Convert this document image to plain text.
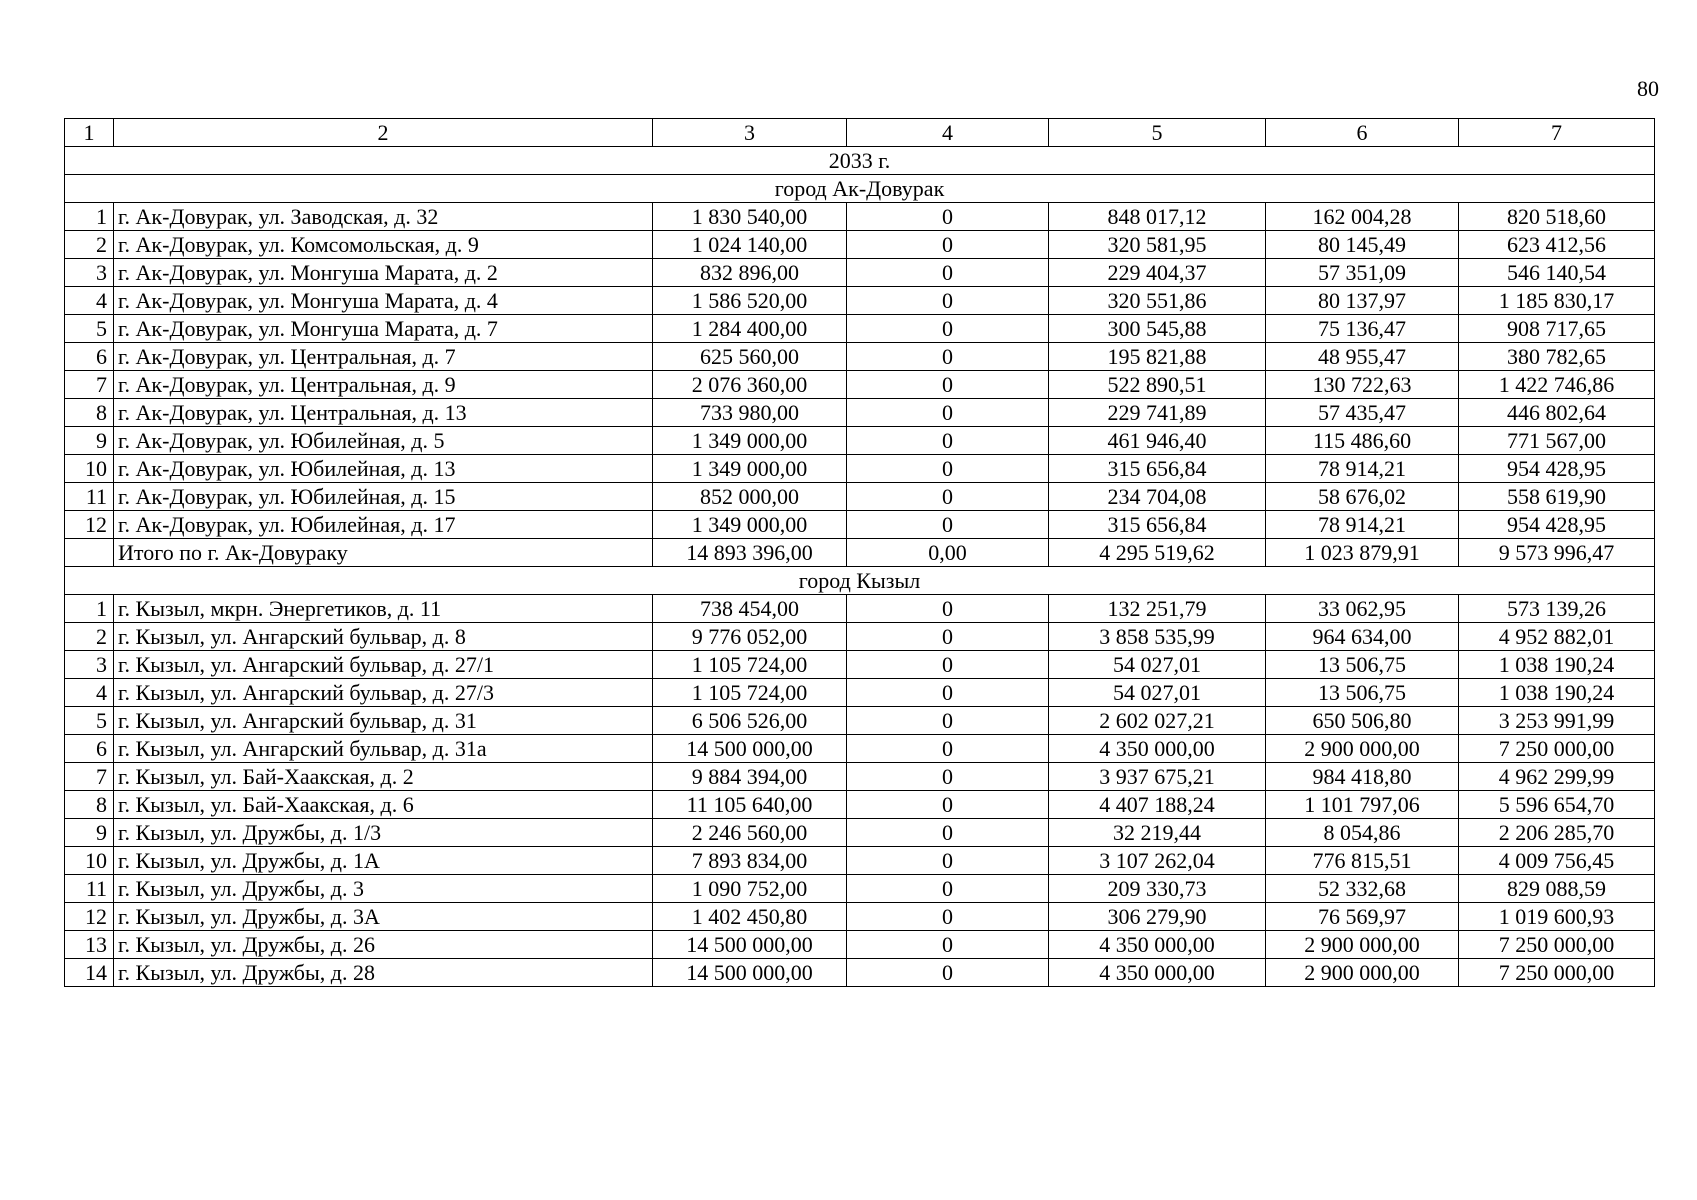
80
1	2	3	4	5	6	7
2033 г.						
город Ак-Довурак						
1	г. Ак-Довурак, ул. Заводская, д. 32	1 830 540,00	0	848 017,12	162 004,28	820 518,60
2	г. Ак-Довурак, ул. Комсомольская, д. 9	1 024 140,00	0	320 581,95	80 145,49	623 412,56
3	г. Ак-Довурак, ул. Монгуша Марата, д. 2	832 896,00	0	229 404,37	57 351,09	546 140,54
4	г. Ак-Довурак, ул. Монгуша Марата, д. 4	1 586 520,00	0	320 551,86	80 137,97	1 185 830,17
5	г. Ак-Довурак, ул. Монгуша Марата, д. 7	1 284 400,00	0	300 545,88	75 136,47	908 717,65
6	г. Ак-Довурак, ул. Центральная, д. 7	625 560,00	0	195 821,88	48 955,47	380 782,65
7	г. Ак-Довурак, ул. Центральная, д. 9	2 076 360,00	0	522 890,51	130 722,63	1 422 746,86
8	г. Ак-Довурак, ул. Центральная, д. 13	733 980,00	0	229 741,89	57 435,47	446 802,64
9	г. Ак-Довурак, ул. Юбилейная, д. 5	1 349 000,00	0	461 946,40	115 486,60	771 567,00
10	г. Ак-Довурак, ул. Юбилейная, д. 13	1 349 000,00	0	315 656,84	78 914,21	954 428,95
11	г. Ак-Довурак, ул. Юбилейная, д. 15	852 000,00	0	234 704,08	58 676,02	558 619,90
12	г. Ак-Довурак, ул. Юбилейная, д. 17	1 349 000,00	0	315 656,84	78 914,21	954 428,95
	Итого по г. Ак-Довураку	14 893 396,00	0,00	4 295 519,62	1 023 879,91	9 573 996,47
город Кызыл						
1	г. Кызыл, мкрн. Энергетиков, д. 11	738 454,00	0	132 251,79	33 062,95	573 139,26
2	г. Кызыл, ул. Ангарский бульвар, д. 8	9 776 052,00	0	3 858 535,99	964 634,00	4 952 882,01
3	г. Кызыл, ул. Ангарский бульвар, д. 27/1	1 105 724,00	0	54 027,01	13 506,75	1 038 190,24
4	г. Кызыл, ул. Ангарский бульвар, д. 27/3	1 105 724,00	0	54 027,01	13 506,75	1 038 190,24
5	г. Кызыл, ул. Ангарский бульвар, д. 31	6 506 526,00	0	2 602 027,21	650 506,80	3 253 991,99
6	г. Кызыл, ул. Ангарский бульвар, д. 31а	14 500 000,00	0	4 350 000,00	2 900 000,00	7 250 000,00
7	г. Кызыл, ул. Бай-Хаакская, д. 2	9 884 394,00	0	3 937 675,21	984 418,80	4 962 299,99
8	г. Кызыл, ул. Бай-Хаакская, д. 6	11 105 640,00	0	4 407 188,24	1 101 797,06	5 596 654,70
9	г. Кызыл, ул. Дружбы, д. 1/3	2 246 560,00	0	32 219,44	8 054,86	2 206 285,70
10	г. Кызыл, ул. Дружбы, д. 1А	7 893 834,00	0	3 107 262,04	776 815,51	4 009 756,45
11	г. Кызыл, ул. Дружбы, д. 3	1 090 752,00	0	209 330,73	52 332,68	829 088,59
12	г. Кызыл, ул. Дружбы, д. 3А	1 402 450,80	0	306 279,90	76 569,97	1 019 600,93
13	г. Кызыл, ул. Дружбы, д. 26	14 500 000,00	0	4 350 000,00	2 900 000,00	7 250 000,00
14	г. Кызыл, ул. Дружбы, д. 28	14 500 000,00	0	4 350 000,00	2 900 000,00	7 250 000,00
